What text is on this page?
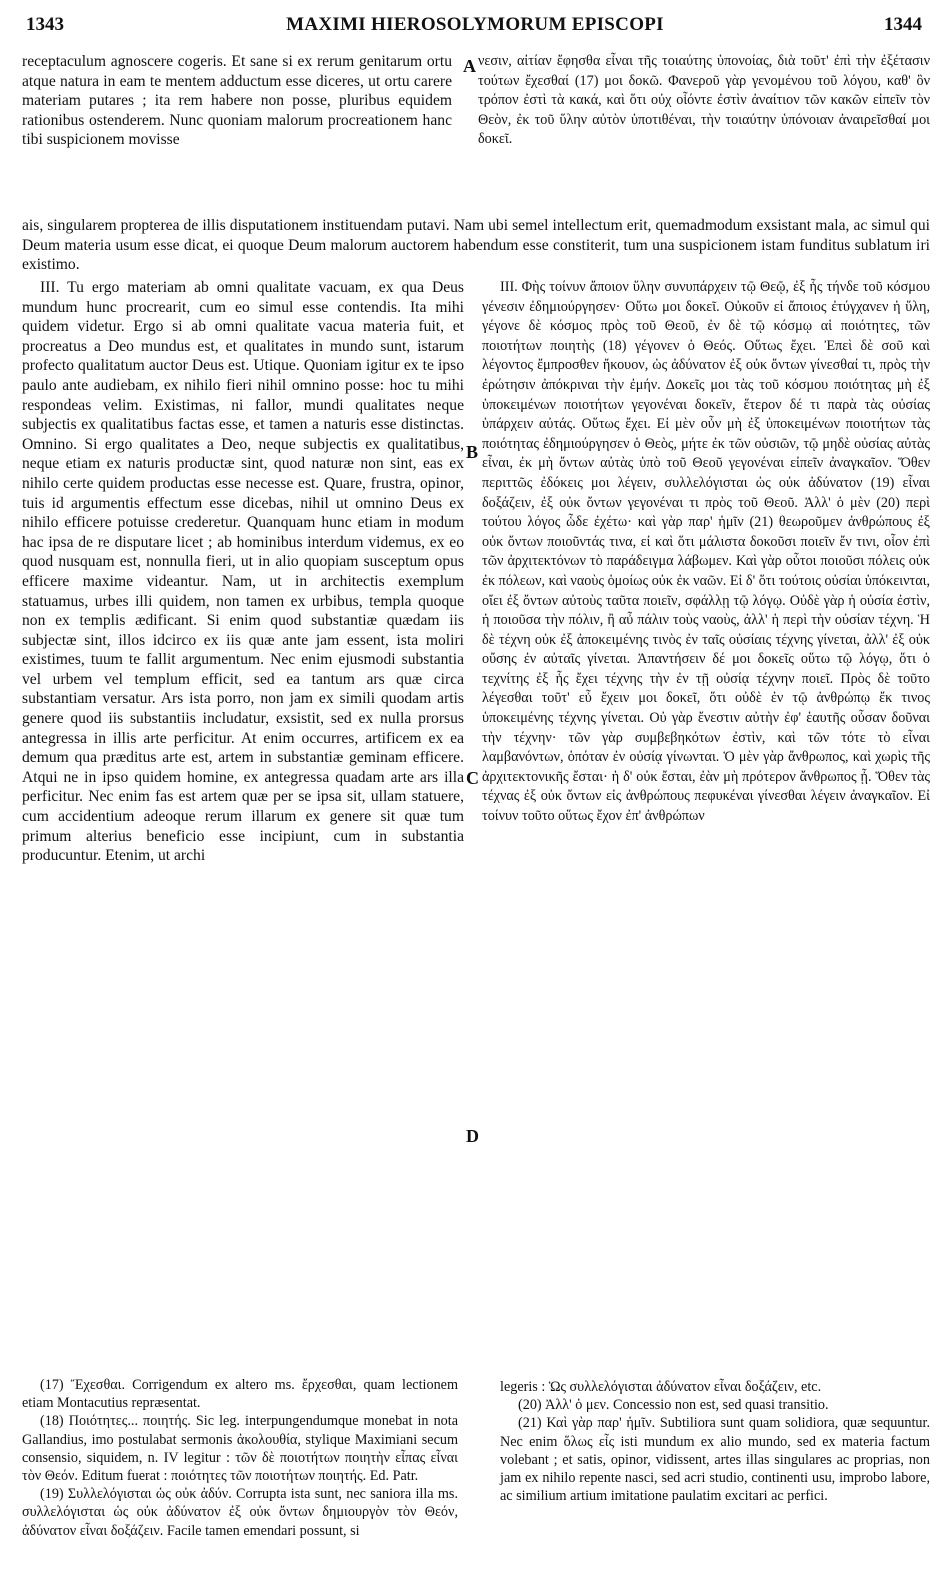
1343	MAXIMI HIEROSOLYMORUM EPISCOPI	1344

receptaculum agnoscere cogeris. Et sane si ex rerum genitarum ortu atque natura in eam te mentem adductum esse diceres, ut ortu carere materiam putares ; ita rem habere non posse, pluribus equidem rationibus ostenderem. Nunc quoniam malorum procreationem hanc tibi suspicionem movisse

A νεσιν, αἰτίαν ἔφησθα εἶναι τῆς τοιαύτης ὑπονοίας, διὰ τοῦτ' ἐπὶ τὴν ἐξέτασιν τούτων ἔχεσθαί (17) μοι δοκῶ. Φανεροῦ γὰρ γενομένου τοῦ λόγου, καθ' ὃν τρόπον ἐστὶ τὰ κακά, καὶ ὅτι οὐχ οἷόντε ἐστὶν ἀναίτιον τῶν κακῶν εἰπεῖν τὸν Θεὸν, ἐκ τοῦ ὕλην αὐτὸν ὑποτιθέναι, τὴν τοιαύτην ὑπόνοιαν ἀναιρεῖσθαί μοι δοκεῖ.

ais, singularem propterea de illis disputationem instituendam putavi. Nam ubi semel intellectum erit, quemadmodum exsistant mala, ac simul qui Deum materia usum esse dicat, ei quoque Deum malorum auctorem habendum esse constiterit, tum una suspicionem istam funditus sublatum iri existimo.

III. Tu ergo materiam ab omni qualitate vacuam, ex qua Deus mundum hunc procrearit, cum eo simul esse contendis. Ita mihi quidem videtur. Ergo si ab omni qualitate vacua materia fuit, et procreatus a Deo mundus est, et qualitates in mundo sunt, istarum profecto qualitatum auctor Deus est. Utique. Quoniam igitur ex te ipso paulo ante audiebam, ex nihilo fieri nihil omnino posse: hoc tu mihi respondeas velim. Existimas, ni fallor, mundi qualitates neque subjectis ex qualitatibus factas esse, et tamen a naturis esse distinctas. Omnino. Si ergo qualitates a Deo, neque subjectis ex qualitatibus, neque etiam ex naturis productæ sint, quod naturæ non sint, eas ex nihilo certe quidem productas esse necesse est. Quare, frustra, opinor, tuis id argumentis effectum esse dicebas, nihil ut omnino Deus ex nihilo efficere potuisse crederetur. Quanquam hunc etiam in modum hac ipsa de re disputare licet ; ab hominibus interdum videmus, ex eo quod nusquam est, nonnulla fieri, ut in alio quopiam susceptum opus efficere maxime videantur. Nam, ut in architectis exemplum statuamus, urbes illi quidem, non tamen ex urbibus, templa quoque non ex templis ædificant. Si enim quod substantiæ quædam iis subjectæ sint, illos idcirco ex iis quæ ante jam essent, ista moliri existimes, tuum te fallit argumentum. Nec enim ejusmodi substantia vel urbem vel templum efficit, sed ea tantum ars quæ circa substantiam versatur. Ars ista porro, non jam ex simili quodam artis genere quod iis substantiis includatur, exsistit, sed ex nulla prorsus antegressa in illis arte perficitur. At enim occurres, artificem ex ea demum qua præditus arte est, artem in substantiæ geminam efficere. Atqui ne in ipso quidem homine, ex antegressa quadam arte ars illa perficitur. Nec enim fas est artem quæ per se ipsa sit, ullam statuere, cum accidentium adeoque rerum illarum ex genere sit quæ tum primum alterius beneficio esse incipiunt, cum in substantia producuntur. Etenim, ut archi

B
C
D

III. Φὴς τοίνυν ἄποιον ὕλην συνυπάρχειν τῷ Θεῷ, ἐξ ἧς τήνδε τοῦ κόσμου γένεσιν ἐδημιούργησεν· Οὕτω μοι δοκεῖ. Οὐκοῦν εἰ ἄποιος ἐτύγχανεν ἡ ὕλη, γέγονε δὲ κόσμος πρὸς τοῦ Θεοῦ, ἐν δὲ τῷ κόσμῳ αἱ ποιότητες, τῶν ποιοτήτων ποιητὴς (18) γέγονεν ὁ Θεός. Οὕτως ἔχει. Ἐπεὶ δὲ σοῦ καὶ λέγοντος ἔμπροσθεν ἤκουον, ὡς ἀδύνατον ἐξ οὐκ ὄντων γίνεσθαί τι, πρὸς τὴν ἐρώτησιν ἀπόκριναι τὴν ἐμήν. Δοκεῖς μοι τὰς τοῦ κόσμου ποιότητας μὴ ἐξ ὑποκειμένων ποιοτήτων γεγονέναι δοκεῖν, ἕτερον δέ τι παρὰ τὰς οὐσίας ὑπάρχειν αὐτάς. Οὕτως ἔχει. Εἰ μὲν οὖν μὴ ἐξ ὑποκειμένων ποιοτήτων τὰς ποιότητας ἐδημιούργησεν ὁ Θεὸς, μήτε ἐκ τῶν οὐσιῶν, τῷ μηδὲ οὐσίας αὐτὰς εἶναι, ἐκ μὴ ὄντων αὐτὰς ὑπὸ τοῦ Θεοῦ γεγονέναι εἰπεῖν ἀναγκαῖον. Ὅθεν περιττῶς ἐδόκεις μοι λέγειν, συλλελόγισται ὡς οὐκ ἀδύνατον (19) εἶναι δοξάζειν, ἐξ οὐκ ὄντων γεγονέναι τι πρὸς τοῦ Θεοῦ. Ἀλλ' ὁ μὲν (20) περὶ τούτου λόγος ὧδε ἐχέτω· καὶ γὰρ παρ' ἡμῖν (21) θεωροῦμεν ἀνθρώπους ἐξ οὐκ ὄντων ποιοῦντάς τινα, εἰ καὶ ὅτι μάλιστα δοκοῦσι ποιεῖν ἔν τινι, οἷον ἐπὶ τῶν ἀρχιτεκτόνων τὸ παράδειγμα λάβωμεν. Καὶ γὰρ οὗτοι ποιοῦσι πόλεις οὐκ ἐκ πόλεων, καὶ ναοὺς ὁμοίως οὐκ ἐκ ναῶν. Εἰ δ' ὅτι τούτοις οὐσίαι ὑπόκεινται, οἴει ἐξ ὄντων αὐτοὺς ταῦτα ποιεῖν, σφάλλῃ τῷ λόγῳ. Οὐδὲ γὰρ ἡ οὐσία ἐστὶν, ἡ ποιοῦσα τὴν πόλιν, ἢ αὖ πάλιν τοὺς ναοὺς, ἀλλ' ἡ περὶ τὴν οὐσίαν τέχνη. Ἡ δὲ τέχνη οὐκ ἐξ ἀποκειμένης τινὸς ἐν ταῖς οὐσίαις τέχνης γίνεται, ἀλλ' ἐξ οὐκ οὔσης ἐν αὐταῖς γίνεται. Ἀπαντήσειν δέ μοι δοκεῖς οὕτω τῷ λόγῳ, ὅτι ὁ τεχνίτης ἐξ ἧς ἔχει τέχνης τὴν ἐν τῇ οὐσίᾳ τέχνην ποιεῖ. Πρὸς δὲ τοῦτο λέγεσθαι τοῦτ' εὖ ἔχειν μοι δοκεῖ, ὅτι οὐδὲ ἐν τῷ ἀνθρώπῳ ἔκ τινος ὑποκειμένης τέχνης γίνεται. Οὐ γὰρ ἔνεστιν αὐτὴν ἐφ' ἑαυτῆς οὖσαν δοῦναι τὴν τέχνην· τῶν γὰρ συμβεβηκότων ἐστὶν, καὶ τῶν τότε τὸ εἶναι λαμβανόντων, ὁπόταν ἐν οὐσίᾳ γίνωνται. Ὁ μὲν γὰρ ἄνθρωπος, καὶ χωρὶς τῆς ἀρχιτεκτονικῆς ἔσται· ἡ δ' οὐκ ἔσται, ἐὰν μὴ πρότερον ἄνθρωπος ᾖ. Ὅθεν τὰς τέχνας ἐξ οὐκ ὄντων εἰς ἀνθρώπους πεφυκέναι γίνεσθαι λέγειν ἀναγκαῖον. Εἰ τοίνυν τοῦτο οὕτως ἔχον ἐπ' ἀνθρώπων

(17) Ἔχεσθαι. Corrigendum ex altero ms. ἔρχεσθαι, quam lectionem etiam Montacutius repræsentat.

(18) Ποιότητες... ποιητής. Sic leg. interpungendumque monebat in nota Gallandius, imo postulabat sermonis ἀκολουθία, stylique Maximiani secum consensio, siquidem, n. IV legitur : τῶν δὲ ποιοτήτων ποιητὴν εἶπας εἶναι τὸν Θεόν. Editum fuerat : ποιότητες τῶν ποιοτήτων ποιητής. Ed. Patr.

(19) Συλλελόγισται ὡς οὐκ ἀδύν. Corrupta ista sunt, nec saniora illa ms. συλλελόγισται ὡς οὐκ ἀδύνατον ἐξ οὐκ ὄντων δημιουργὸν τὸν Θεόν, ἀδύνατον εἶναι δοξάζειν. Facile tamen emendari possunt, si

legeris : Ὡς συλλελόγισται ἀδύνατον εἶναι δοξάζειν, etc.

(20) Ἀλλ' ὁ μεν. Concessio non est, sed quasi transitio.

(21) Καὶ γὰρ παρ' ἡμῖν. Subtiliora sunt quam solidiora, quæ sequuntur. Nec enim ὅλως εἶς isti mundum ex alio mundo, sed ex materia factum volebant ; et satis, opinor, vidissent, artes illas singulares ac proprias, non jam ex nihilo repente nasci, sed acri studio, continenti usu, improbo labore, ac similium artium imitatione paulatim excitari ac perfici.
